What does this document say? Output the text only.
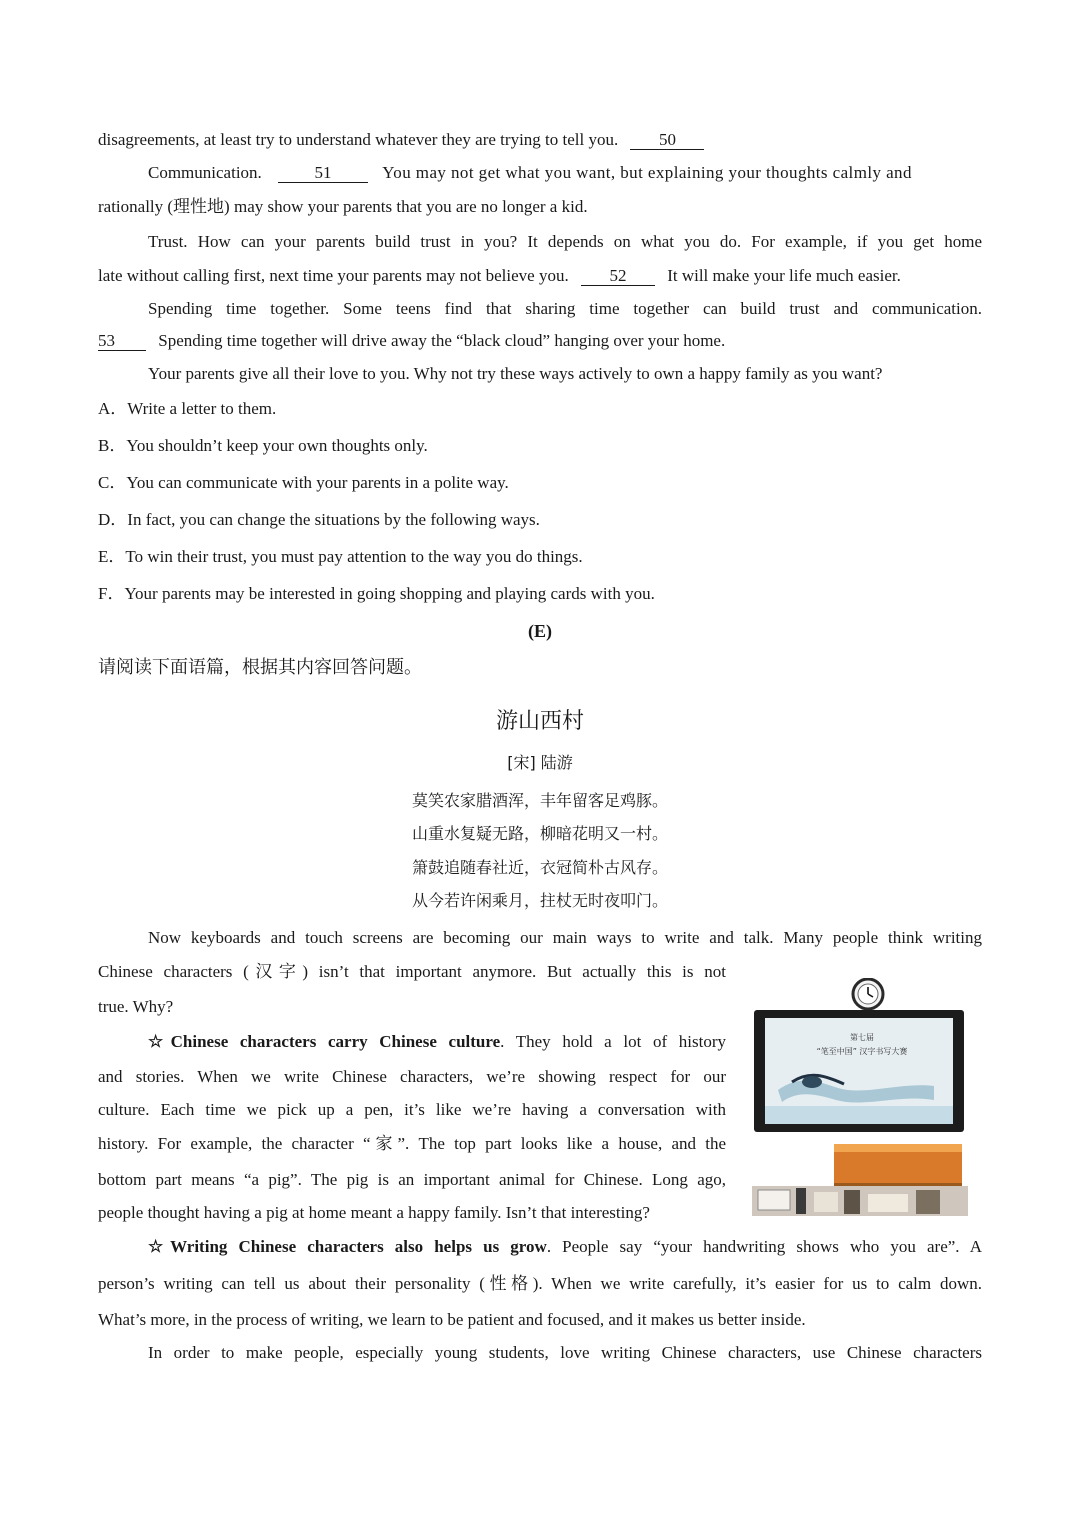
disagreements, at least try to understand whatever they are trying to tell you. 50
Communication.	51	You may not get what you want, but explaining your thoughts calmly and
rationally (理性地) may show your parents that you are no longer a kid.
Trust. How can your parents build trust in you? It depends on what you do. For example, if you get home
late without calling first, next time your parents may not believe you. 52 It will make your life much easier.
Spending time together. Some teens find that sharing time together can build trust and communication.
53	Spending time together will drive away the “black cloud” hanging over your home.
Your parents give all their love to you. Why not try these ways actively to own a happy family as you want?
A．Write a letter to them.
B．You shouldn’t keep your own thoughts only.
C．You can communicate with your parents in a polite way.
D．In fact, you can change the situations by the following ways.
E．To win their trust, you must pay attention to the way you do things.
F．Your parents may be interested in going shopping and playing cards with you.
(E)
请阅读下面语篇，根据其内容回答问题。
游山西村
[宋] 陆游
莫笑农家腊酒浑，丰年留客足鸡豚。
山重水复疑无路，柳暗花明又一村。
箫鼓追随春社近，衣冠简朴古风存。
从今若许闲乘月，拄杖无时夜叩门。
Now keyboards and touch screens are becoming our main ways to write and talk. Many people think writing
Chinese characters (汉字) isn’t that important anymore. But actually this is not
true. Why?
☆Chinese characters carry Chinese culture. They hold a lot of history
and stories. When we write Chinese characters, we’re showing respect for our
culture. Each time we pick up a pen, it’s like we’re having a conversation with
history. For example, the character “家”. The top part looks like a house, and the
bottom part means “a pig”. The pig is an important animal for Chinese. Long ago,
people thought having a pig at home meant a happy family. Isn’t that interesting?
☆Writing Chinese characters also helps us grow. People say “your handwriting shows who you are”. A
person’s writing can tell us about their personality (性格). When we write carefully, it’s easier for us to calm down.
What’s more, in the process of writing, we learn to be patient and focused, and it makes us better inside.
In order to make people, especially young students, love writing Chinese characters, use Chinese characters
第七届
“笔至中国” 汉字书写大赛
